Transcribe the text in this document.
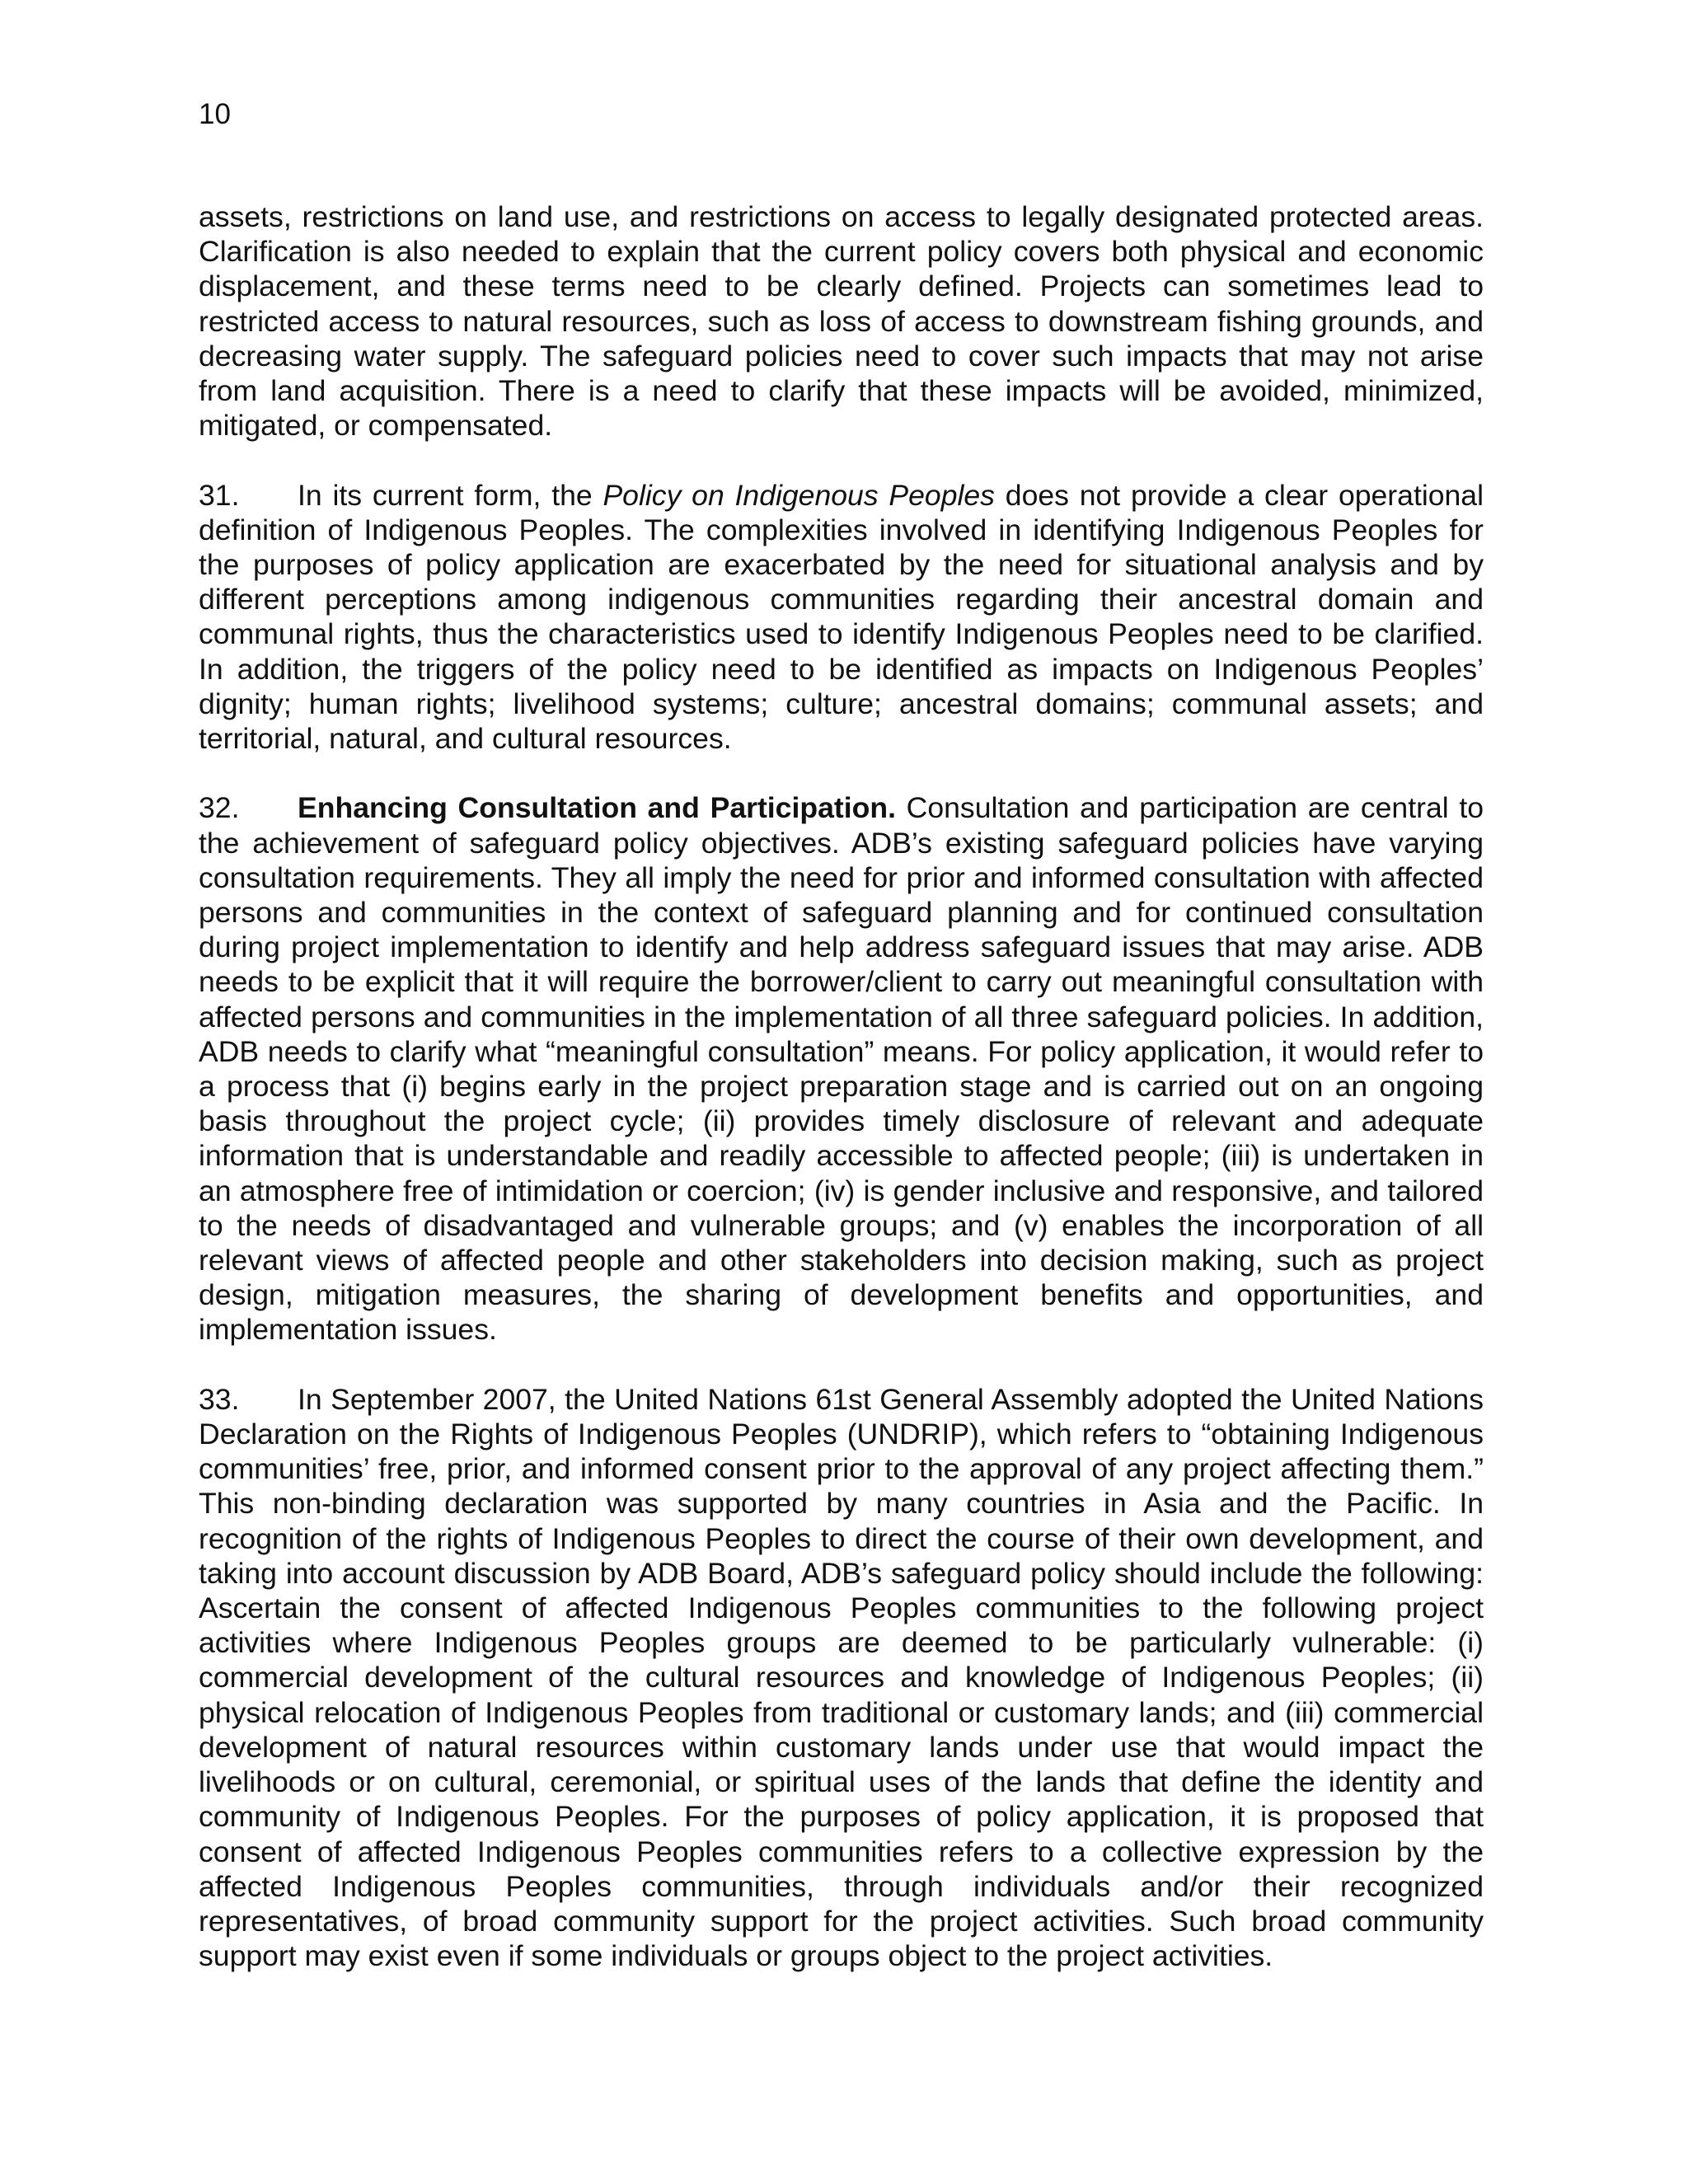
10

assets, restrictions on land use, and restrictions on access to legally designated protected areas. Clarification is also needed to explain that the current policy covers both physical and economic displacement, and these terms need to be clearly defined. Projects can sometimes lead to restricted access to natural resources, such as loss of access to downstream fishing grounds, and decreasing water supply. The safeguard policies need to cover such impacts that may not arise from land acquisition. There is a need to clarify that these impacts will be avoided, minimized, mitigated, or compensated.

31. In its current form, the Policy on Indigenous Peoples does not provide a clear operational definition of Indigenous Peoples. The complexities involved in identifying Indigenous Peoples for the purposes of policy application are exacerbated by the need for situational analysis and by different perceptions among indigenous communities regarding their ancestral domain and communal rights, thus the characteristics used to identify Indigenous Peoples need to be clarified. In addition, the triggers of the policy need to be identified as impacts on Indigenous Peoples’ dignity; human rights; livelihood systems; culture; ancestral domains; communal assets; and territorial, natural, and cultural resources.

32. Enhancing Consultation and Participation. Consultation and participation are central to the achievement of safeguard policy objectives. ADB’s existing safeguard policies have varying consultation requirements. They all imply the need for prior and informed consultation with affected persons and communities in the context of safeguard planning and for continued consultation during project implementation to identify and help address safeguard issues that may arise. ADB needs to be explicit that it will require the borrower/client to carry out meaningful consultation with affected persons and communities in the implementation of all three safeguard policies. In addition, ADB needs to clarify what “meaningful consultation” means. For policy application, it would refer to a process that (i) begins early in the project preparation stage and is carried out on an ongoing basis throughout the project cycle; (ii) provides timely disclosure of relevant and adequate information that is understandable and readily accessible to affected people; (iii) is undertaken in an atmosphere free of intimidation or coercion; (iv) is gender inclusive and responsive, and tailored to the needs of disadvantaged and vulnerable groups; and (v) enables the incorporation of all relevant views of affected people and other stakeholders into decision making, such as project design, mitigation measures, the sharing of development benefits and opportunities, and implementation issues.

33. In September 2007, the United Nations 61st General Assembly adopted the United Nations Declaration on the Rights of Indigenous Peoples (UNDRIP), which refers to “obtaining Indigenous communities’ free, prior, and informed consent prior to the approval of any project affecting them.” This non-binding declaration was supported by many countries in Asia and the Pacific. In recognition of the rights of Indigenous Peoples to direct the course of their own development, and taking into account discussion by ADB Board, ADB’s safeguard policy should include the following: Ascertain the consent of affected Indigenous Peoples communities to the following project activities where Indigenous Peoples groups are deemed to be particularly vulnerable: (i) commercial development of the cultural resources and knowledge of Indigenous Peoples; (ii) physical relocation of Indigenous Peoples from traditional or customary lands; and (iii) commercial development of natural resources within customary lands under use that would impact the livelihoods or on cultural, ceremonial, or spiritual uses of the lands that define the identity and community of Indigenous Peoples. For the purposes of policy application, it is proposed that consent of affected Indigenous Peoples communities refers to a collective expression by the affected Indigenous Peoples communities, through individuals and/or their recognized representatives, of broad community support for the project activities. Such broad community support may exist even if some individuals or groups object to the project activities.
